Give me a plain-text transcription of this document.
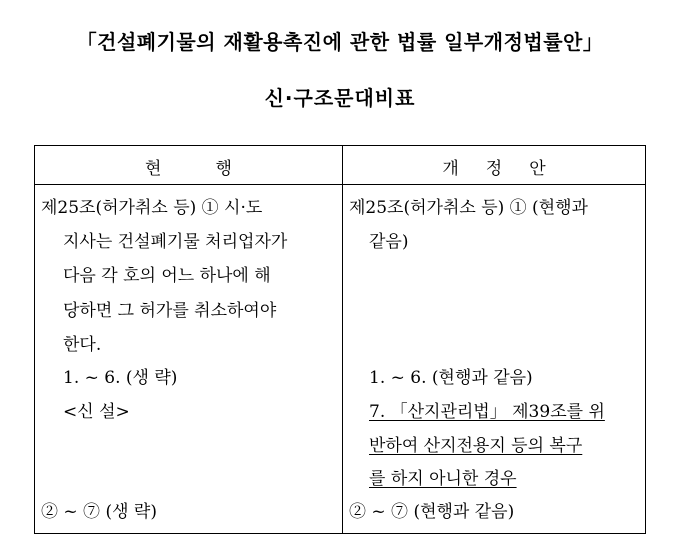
「건설폐기물의 재활용촉진에 관한 법률 일부개정법률안」
신·구조문대비표
현          행	개     정     안
제25조(허가취소 등) ① 시·도
지사는 건설폐기물 처리업자가
다음 각 호의 어느 하나에 해
당하면 그 허가를 취소하여야
한다.
1. ~ 6. (생 략)
<신 설>
② ~ ⑦ (생 략)
제25조(허가취소 등) ① (현행과
같음)
1. ~ 6. (현행과 같음)
7. 「산지관리법」 제39조를 위
반하여 산지전용지 등의 복구
를 하지 아니한 경우
② ~ ⑦ (현행과 같음)
